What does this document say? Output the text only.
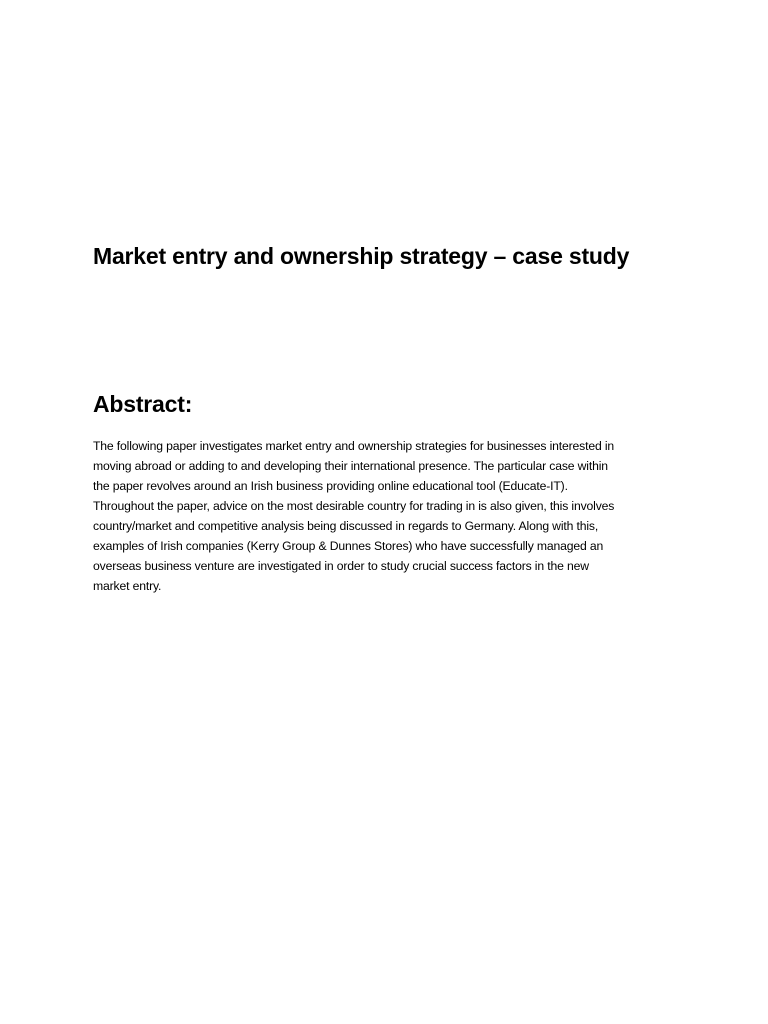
Market entry and ownership strategy – case study
Abstract:
The following paper investigates market entry and ownership strategies for businesses interested in
moving abroad or adding to and developing their international presence. The particular case within
the paper revolves around an Irish business providing online educational tool (Educate-IT).
Throughout the paper, advice on the most desirable country for trading in is also given, this involves
country/market and competitive analysis being discussed in regards to Germany. Along with this,
examples of Irish companies (Kerry Group & Dunnes Stores) who have successfully managed an
overseas business venture are investigated in order to study crucial success factors in the new
market entry.
